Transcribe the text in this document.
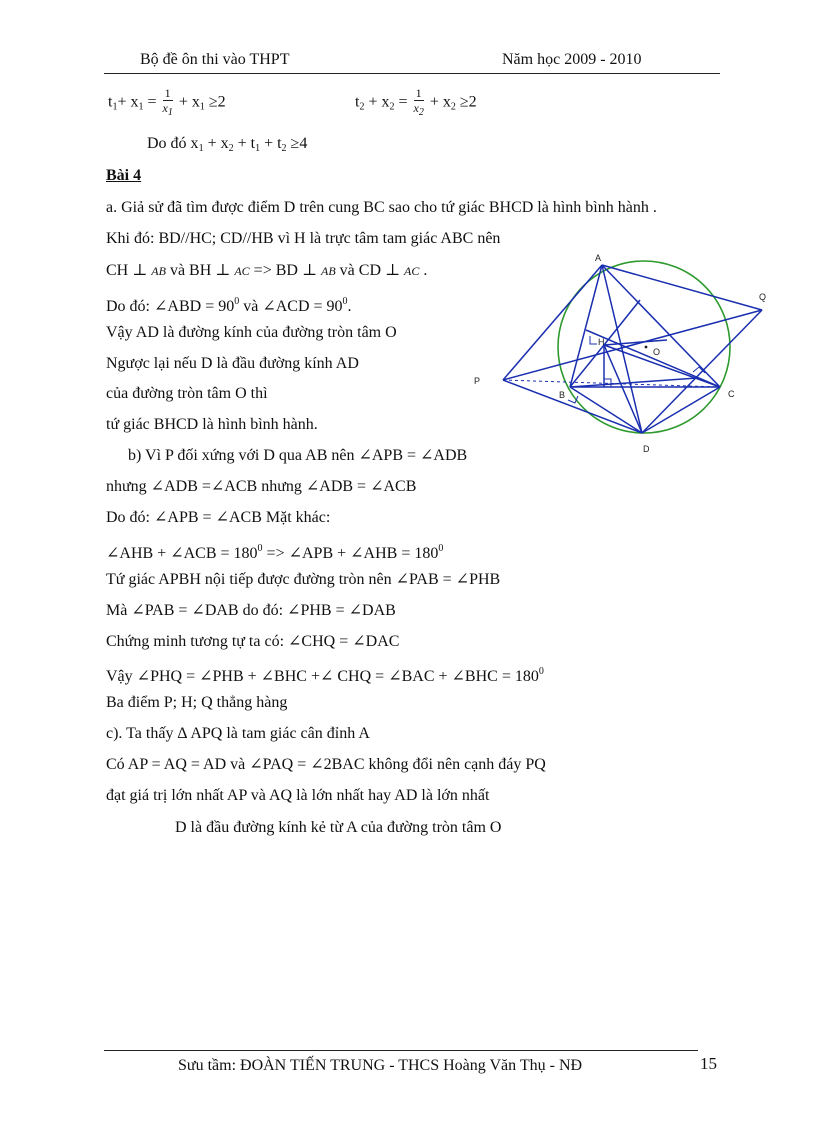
Bộ đề ôn thi vào THPT	Năm học 2009 - 2010
$t_1+ x_1 = \frac{1}{x_1} + x_1 \ge 2$	$t_2 + x_2 = \frac{1}{x_2} + x_2 \ge 2$
Do đó $x_1 + x_2 + t_1 + t_2 \ge 4$
Bài 4
a. Giả sử đã tìm được điểm D trên cung BC sao cho tứ giác BHCD là hình bình hành .
Khi đó: BD//HC; CD//HB vì H là trực tâm tam giác ABC nên
CH ⊥ AB và BH ⊥ AC => BD ⊥ AB và CD ⊥ AC .
Do đó: ∠ABD = $90^0$ và ∠ACD = $90^0$.
Vậy AD là đường kính của đường tròn tâm O
Ngược lại nếu D là đầu đường kính AD
của đường tròn tâm O thì
tứ giác BHCD là hình bình hành.
b) Vì P đối xứng với D qua AB nên ∠APB = ∠ADB
nhưng ∠ADB =∠ACB nhưng ∠ADB = ∠ACB
Do đó: ∠APB = ∠ACB Mặt khác:
∠AHB + ∠ACB = $180^0$ => ∠APB + ∠AHB = $180^0$
Tứ giác APBH nội tiếp được đường tròn nên ∠PAB = ∠PHB
Mà ∠PAB = ∠DAB do đó: ∠PHB = ∠DAB
Chứng minh tương tự ta có: ∠CHQ = ∠DAC
Vậy ∠PHQ = ∠PHB + ∠BHC +∠ CHQ = ∠BAC + ∠BHC = $180^0$
Ba điểm P; H; Q thẳng hàng
c). Ta thấy ∆ APQ là tam giác cân đỉnh A
Có AP = AQ = AD và ∠PAQ = ∠2BAC không đổi nên cạnh đáy PQ
đạt giá trị lớn nhất AP và AQ là lớn nhất hay AD là lớn nhất
D là đầu đường kính kẻ từ A của đường tròn tâm O
A
Q
H
O
P
B	C
D
Sưu tầm: ĐOÀN TIẾN TRUNG - THCS Hoàng Văn Thụ - NĐ	15
